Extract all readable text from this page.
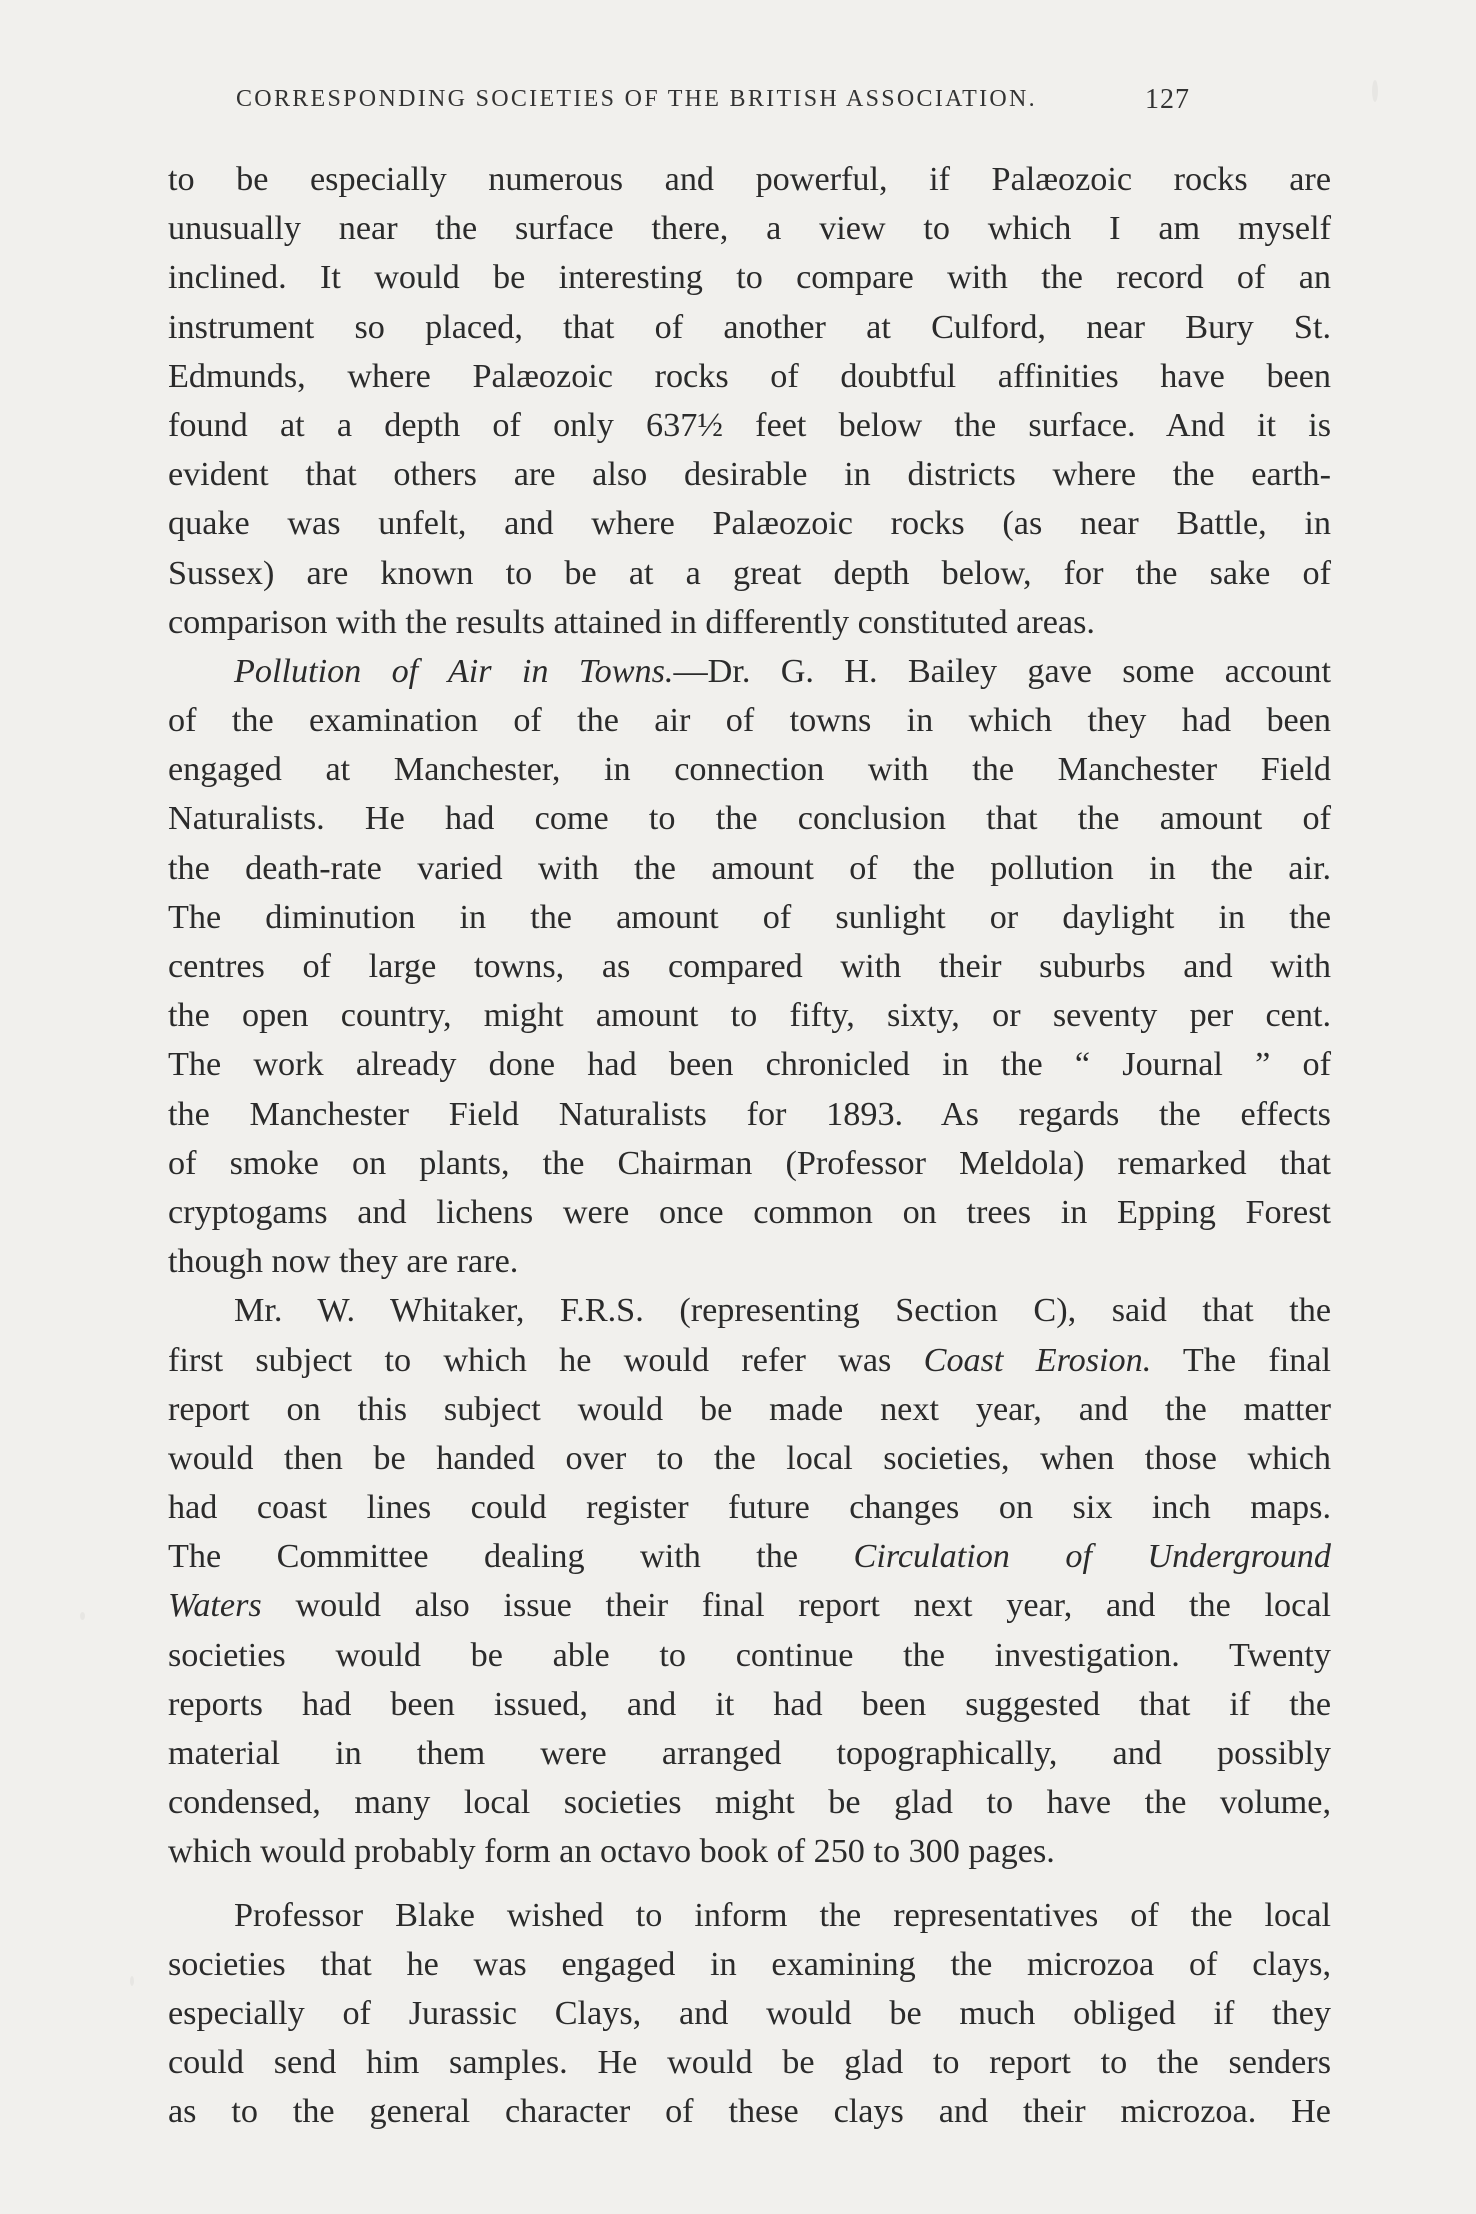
CORRESPONDING SOCIETIES OF THE BRITISH ASSOCIATION.	127
to be especially numerous and powerful, if Palæozoic rocks are
unusually near the surface there, a view to which I am myself
inclined. It would be interesting to compare with the record of an
instrument so placed, that of another at Culford, near Bury St.
Edmunds, where Palæozoic rocks of doubtful affinities have been
found at a depth of only 637½ feet below the surface. And it is
evident that others are also desirable in districts where the earth-
quake was unfelt, and where Palæozoic rocks (as near Battle, in
Sussex) are known to be at a great depth below, for the sake of
comparison with the results attained in differently constituted areas.
Pollution of Air in Towns.—Dr. G. H. Bailey gave some account
of the examination of the air of towns in which they had been
engaged at Manchester, in connection with the Manchester Field
Naturalists. He had come to the conclusion that the amount of
the death-rate varied with the amount of the pollution in the air.
The diminution in the amount of sunlight or daylight in the
centres of large towns, as compared with their suburbs and with
the open country, might amount to fifty, sixty, or seventy per cent.
The work already done had been chronicled in the “ Journal ” of
the Manchester Field Naturalists for 1893. As regards the effects
of smoke on plants, the Chairman (Professor Meldola) remarked that
cryptogams and lichens were once common on trees in Epping Forest
though now they are rare.
Mr. W. Whitaker, F.R.S. (representing Section C), said that the
first subject to which he would refer was Coast Erosion. The final
report on this subject would be made next year, and the matter
would then be handed over to the local societies, when those which
had coast lines could register future changes on six inch maps.
The Committee dealing with the Circulation of Underground
Waters would also issue their final report next year, and the local
societies would be able to continue the investigation. Twenty
reports had been issued, and it had been suggested that if the
material in them were arranged topographically, and possibly
condensed, many local societies might be glad to have the volume,
which would probably form an octavo book of 250 to 300 pages.
Professor Blake wished to inform the representatives of the local
societies that he was engaged in examining the microzoa of clays,
especially of Jurassic Clays, and would be much obliged if they
could send him samples. He would be glad to report to the senders
as to the general character of these clays and their microzoa. He
